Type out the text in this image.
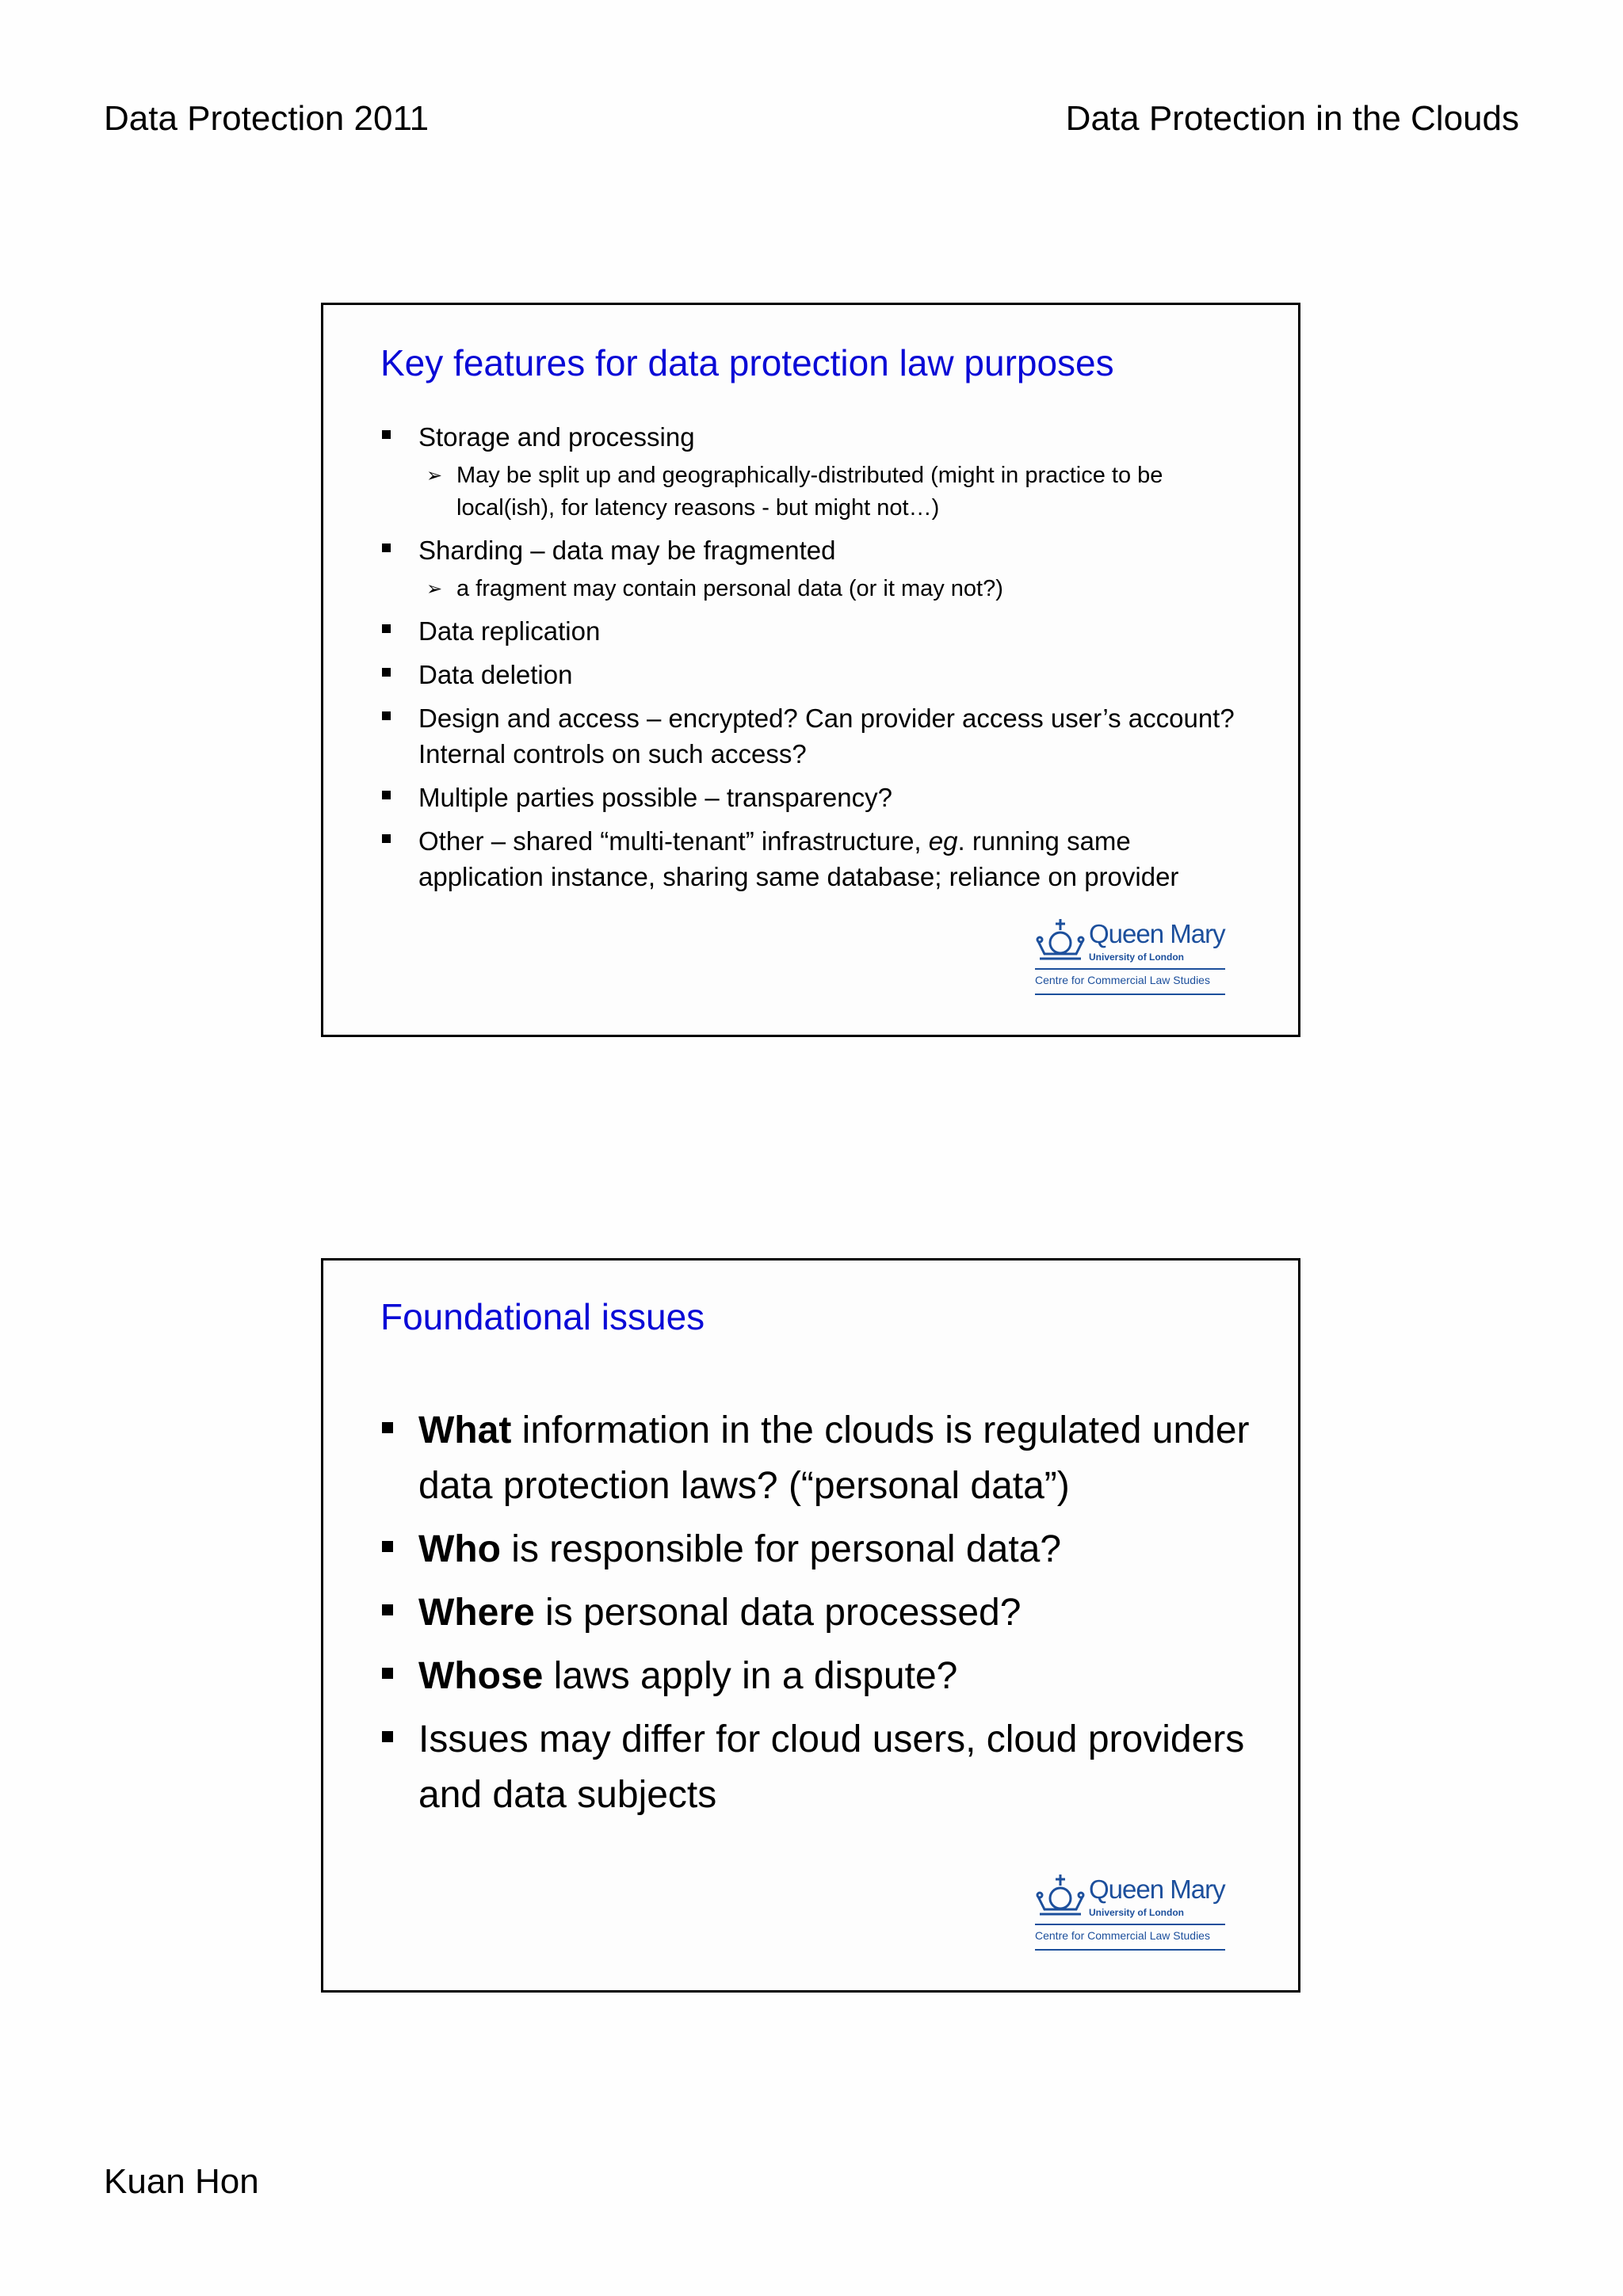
Data Protection 2011	Data Protection in the Clouds
Key features for data protection law purposes
Storage and processing
➢ May be split up and geographically-distributed (might in practice to be local(ish), for latency reasons - but might not…)
Sharding – data may be fragmented
➢ a fragment may contain personal data (or it may not?)
Data replication
Data deletion
Design and access – encrypted? Can provider access user’s account? Internal controls on such access?
Multiple parties possible – transparency?
Other – shared “multi-tenant” infrastructure, eg. running same application instance, sharing same database; reliance on provider
Queen Mary
University of London
Centre for Commercial Law Studies
Foundational issues
What information in the clouds is regulated under data protection laws? (“personal data”)
Who is responsible for personal data?
Where is personal data processed?
Whose laws apply in a dispute?
Issues may differ for cloud users, cloud providers and data subjects
Queen Mary
University of London
Centre for Commercial Law Studies
Kuan Hon
